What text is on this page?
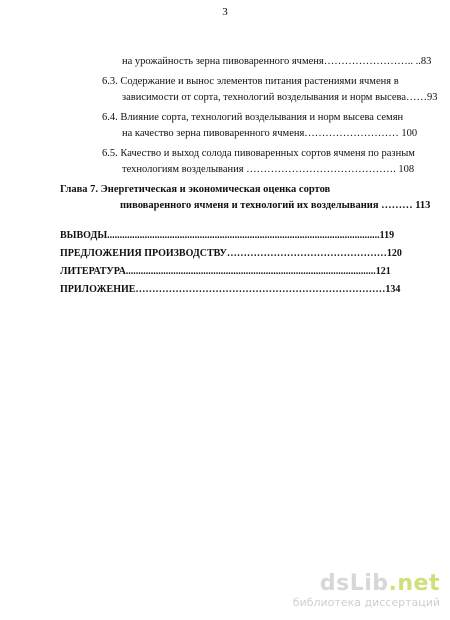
3
на урожайность зерна пивоваренного ячменя…………………….. ..83
6.3. Содержание и вынос элементов питания растениями ячменя в
зависимости от сорта, технологий возделывания и норм высева……93
6.4. Влияние сорта, технологий возделывания и норм высева семян
на качество зерна пивоваренного ячменя……………………… 100
6.5. Качество и выход солода пивоваренных сортов ячменя по разным
технологиям возделывания ……………………………………. 108
Глава 7. Энергетическая и экономическая оценка сортов
пивоваренного ячменя и технологий их возделывания ……… 113
ВЫВОДЫ.............................................................................................................119
ПРЕДЛОЖЕНИЯ ПРОИЗВОДСТВУ…………………………………………120
ЛИТЕРАТУРА....................................................................................................121
ПРИЛОЖЕНИЕ…………………………………………………………………134
dsLib.net
библиотека диссертаций
